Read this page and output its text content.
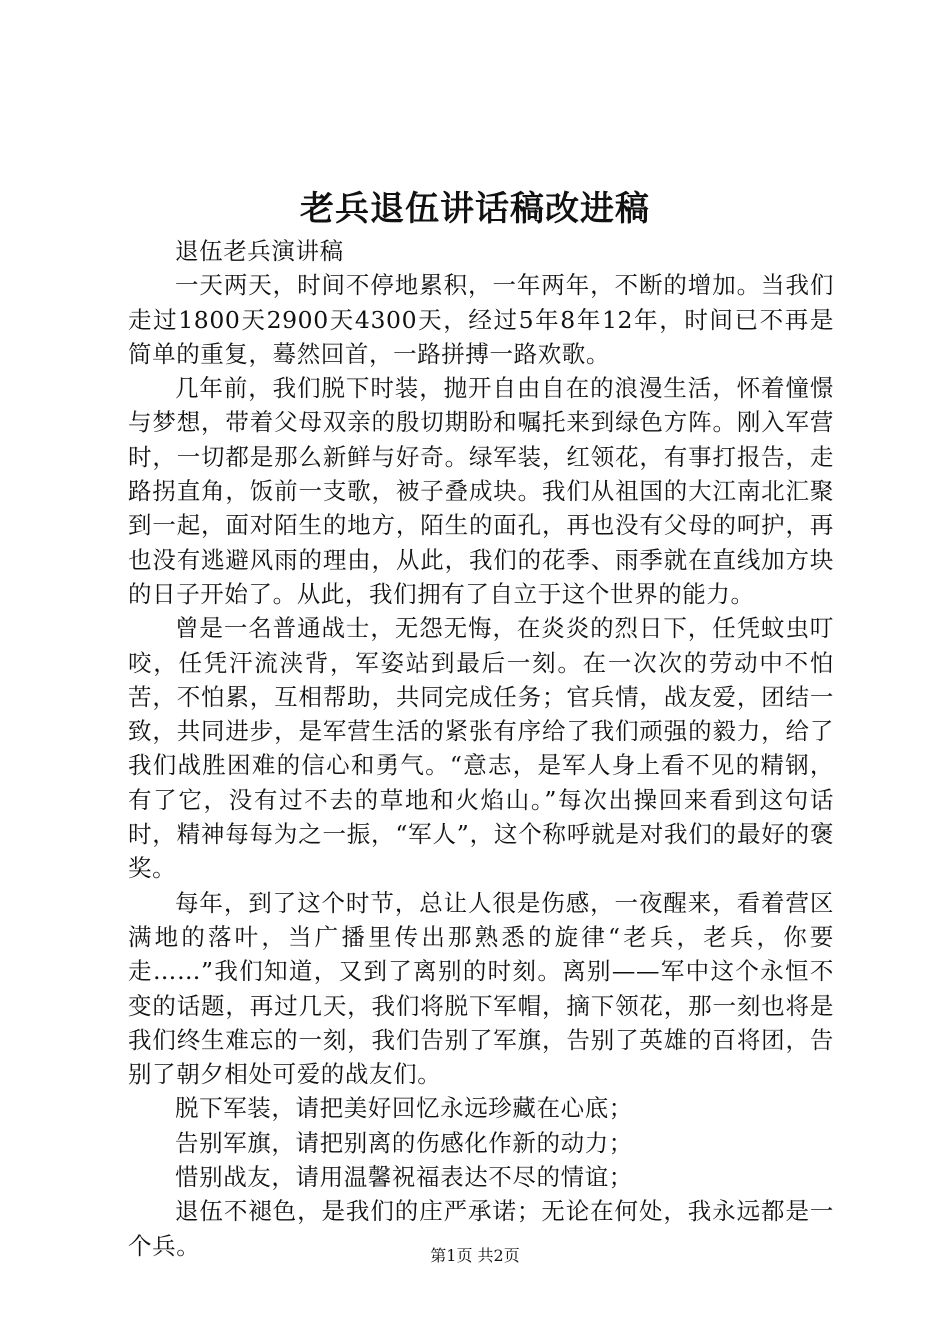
老兵退伍讲话稿改进稿

退伍老兵演讲稿

一天两天，时间不停地累积，一年两年，不断的增加。当我们走过1800天2900天4300天，经过5年8年12年，时间已不再是简单的重复，蓦然回首，一路拼搏一路欢歌。

几年前，我们脱下时装，抛开自由自在的浪漫生活，怀着憧憬与梦想，带着父母双亲的殷切期盼和嘱托来到绿色方阵。刚入军营时，一切都是那么新鲜与好奇。绿军装，红领花，有事打报告，走路拐直角，饭前一支歌，被子叠成块。我们从祖国的大江南北汇聚到一起，面对陌生的地方，陌生的面孔，再也没有父母的呵护，再也没有逃避风雨的理由，从此，我们的花季、雨季就在直线加方块的日子开始了。从此，我们拥有了自立于这个世界的能力。

曾是一名普通战士，无怨无悔，在炎炎的烈日下，任凭蚊虫叮咬，任凭汗流浃背，军姿站到最后一刻。在一次次的劳动中不怕苦，不怕累，互相帮助，共同完成任务；官兵情，战友爱，团结一致，共同进步，是军营生活的紧张有序给了我们顽强的毅力，给了我们战胜困难的信心和勇气。“意志，是军人身上看不见的精钢，有了它，没有过不去的草地和火焰山。”每次出操回来看到这句话时，精神每每为之一振，“军人”，这个称呼就是对我们的最好的褒奖。

每年，到了这个时节，总让人很是伤感，一夜醒来，看着营区满地的落叶，当广播里传出那熟悉的旋律“老兵，老兵，你要走……”我们知道，又到了离别的时刻。离别——军中这个永恒不变的话题，再过几天，我们将脱下军帽，摘下领花，那一刻也将是我们终生难忘的一刻，我们告别了军旗，告别了英雄的百将团，告别了朝夕相处可爱的战友们。

脱下军装，请把美好回忆永远珍藏在心底；

告别军旗，请把别离的伤感化作新的动力；

惜别战友，请用温馨祝福表达不尽的情谊；

退伍不褪色，是我们的庄严承诺；无论在何处，我永远都是一个兵。	第1页 共2页
